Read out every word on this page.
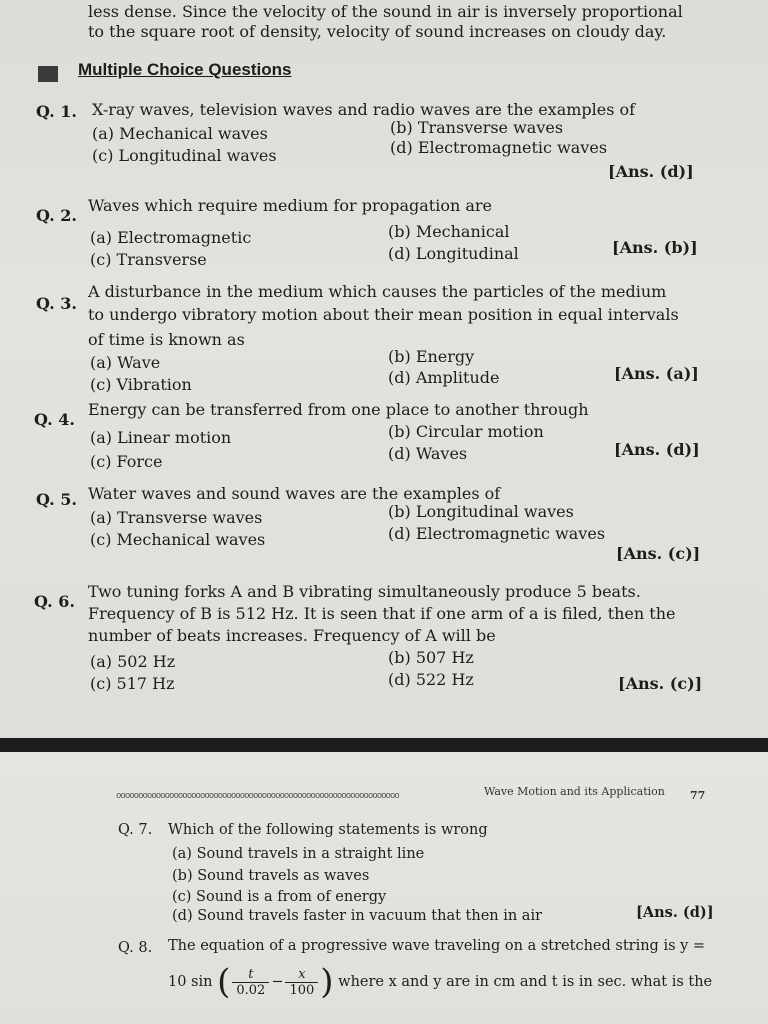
less dense. Since the velocity of the sound in air is inversely proportional
to the square root of density, velocity of sound increases on cloudy day.
Multiple Choice Questions
Q. 1. X-ray waves, television waves and radio waves are the examples of
(a) Mechanical waves	(b) Transverse waves
(c) Longitudinal waves	(d) Electromagnetic waves
[Ans. (d)]
Q. 2.
Waves which require medium for propagation are
(a) Electromagnetic	(b) Mechanical
(c) Transverse	(d) Longitudinal	[Ans. (b)]
Q. 3.
A disturbance in the medium which causes the particles of the medium
to undergo vibratory motion about their mean position in equal intervals
of time is known as
(a) Wave	(b) Energy
(c) Vibration	(d) Amplitude	[Ans. (a)]
Q. 4.
Energy can be transferred from one place to another through
(a) Linear motion	(b) Circular motion
(c) Force	(d) Waves	[Ans. (d)]
Q. 5. Water waves and sound waves are the examples of
(a) Transverse waves	(b) Longitudinal waves
(c) Mechanical waves	(d) Electromagnetic waves
[Ans. (c)]
Q. 6.
Two tuning forks A and B vibrating simultaneously produce 5 beats.
Frequency of B is 512 Hz. It is seen that if one arm of a is filed, then the
number of beats increases. Frequency of A will be
(a) 502 Hz	(b) 507 Hz
(c) 517 Hz	(d) 522 Hz	[Ans. (c)]
oooooooooooooooooooooooooooooooooooooooooooooooooooooooooooooooo	Wave Motion and its Application 77
Q. 7. Which of the following statements is wrong
(a) Sound travels in a straight line
(b) Sound travels as waves
(c) Sound is a from of energy
(d) Sound travels faster in vacuum that then in air	[Ans. (d)]
Q. 8. The equation of a progressive wave traveling on a stretched string is y =
10 sin ( $\frac{t}{0.02} - \frac{x}{100}$ ) where x and y are in cm and t is in sec. what is the
